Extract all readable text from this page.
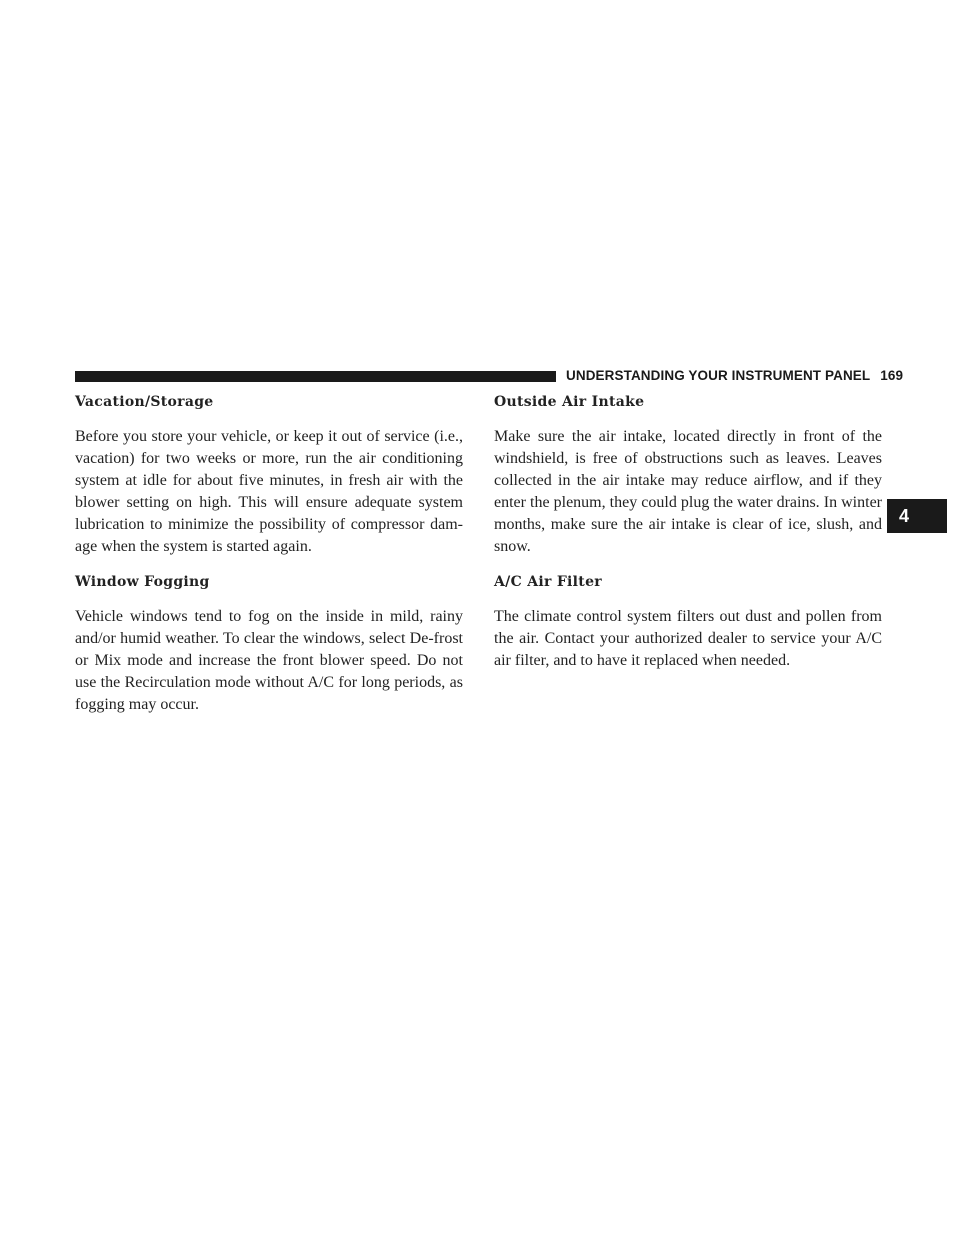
UNDERSTANDING YOUR INSTRUMENT PANEL 169
4
Vacation/Storage

Before you store your vehicle, or keep it out of service (i.e., vacation) for two weeks or more, run the air conditioning system at idle for about five minutes, in fresh air with the blower setting on high. This will ensure adequate system lubrication to minimize the possibility of compressor dam-age when the system is started again.

Window Fogging

Vehicle windows tend to fog on the inside in mild, rainy and/or humid weather. To clear the windows, select De-frost or Mix mode and increase the front blower speed. Do not use the Recirculation mode without A/C for long periods, as fogging may occur.

Outside Air Intake

Make sure the air intake, located directly in front of the windshield, is free of obstructions such as leaves. Leaves collected in the air intake may reduce airflow, and if they enter the plenum, they could plug the water drains. In winter months, make sure the air intake is clear of ice, slush, and snow.

A/C Air Filter

The climate control system filters out dust and pollen from the air. Contact your authorized dealer to service your A/C air filter, and to have it replaced when needed.
